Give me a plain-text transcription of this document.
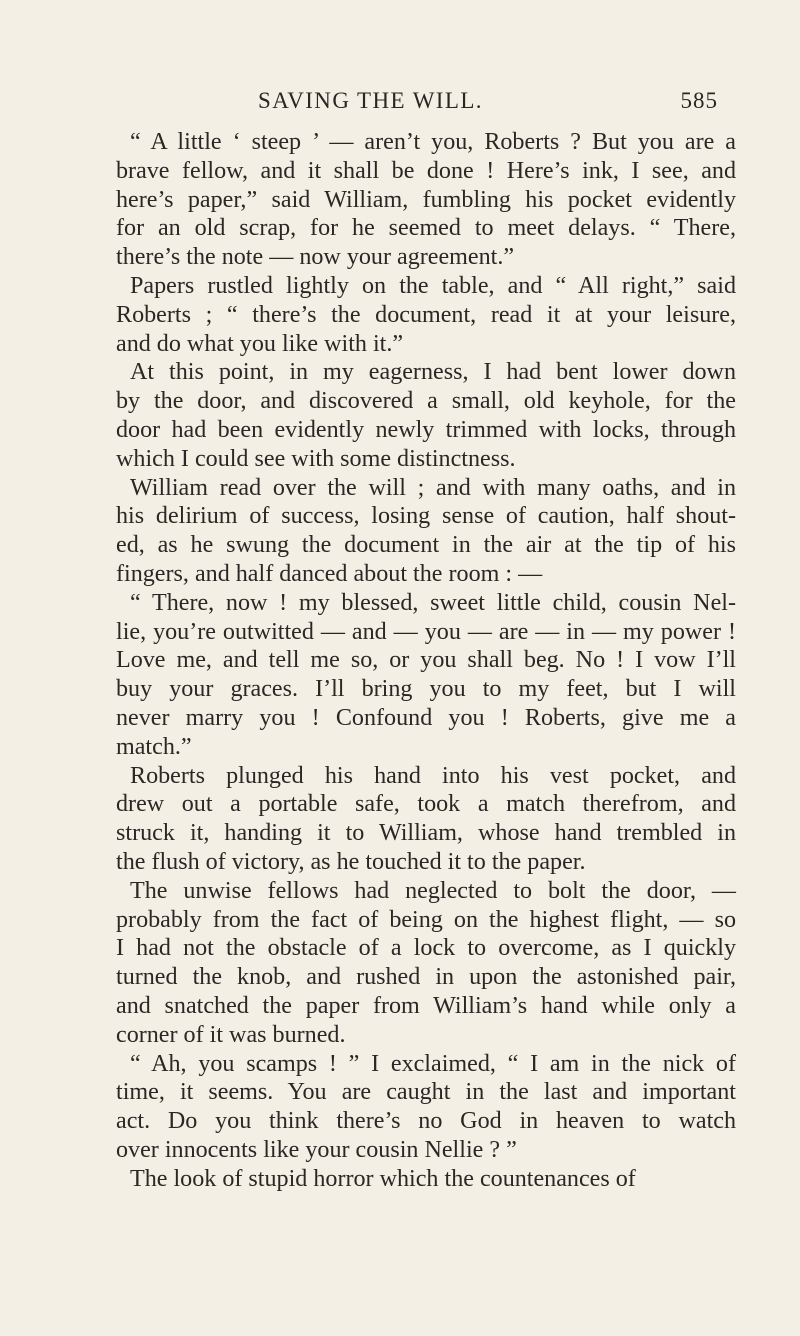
SAVING THE WILL.	585
“ A little ‘ steep ’ — aren’t you, Roberts ? But you are a
brave fellow, and it shall be done ! Here’s ink, I see, and
here’s paper,” said William, fumbling his pocket evidently
for an old scrap, for he seemed to meet delays. “ There,
there’s the note — now your agreement.”
Papers rustled lightly on the table, and “ All right,” said
Roberts ; “ there’s the document, read it at your leisure,
and do what you like with it.”
At this point, in my eagerness, I had bent lower down
by the door, and discovered a small, old keyhole, for the
door had been evidently newly trimmed with locks, through
which I could see with some distinctness.
William read over the will ; and with many oaths, and in
his delirium of success, losing sense of caution, half shout-
ed, as he swung the document in the air at the tip of his
fingers, and half danced about the room : —
“ There, now ! my blessed, sweet little child, cousin Nel-
lie, you’re outwitted — and — you — are — in — my power !
Love me, and tell me so, or you shall beg. No ! I vow I’ll
buy your graces. I’ll bring you to my feet, but I will
never marry you ! Confound you ! Roberts, give me a
match.”
Roberts plunged his hand into his vest pocket, and
drew out a portable safe, took a match therefrom, and
struck it, handing it to William, whose hand trembled in
the flush of victory, as he touched it to the paper.
The unwise fellows had neglected to bolt the door, —
probably from the fact of being on the highest flight, — so
I had not the obstacle of a lock to overcome, as I quickly
turned the knob, and rushed in upon the astonished pair,
and snatched the paper from William’s hand while only a
corner of it was burned.
“ Ah, you scamps ! ” I exclaimed, “ I am in the nick of
time, it seems. You are caught in the last and important
act. Do you think there’s no God in heaven to watch
over innocents like your cousin Nellie ? ”
The look of stupid horror which the countenances of
